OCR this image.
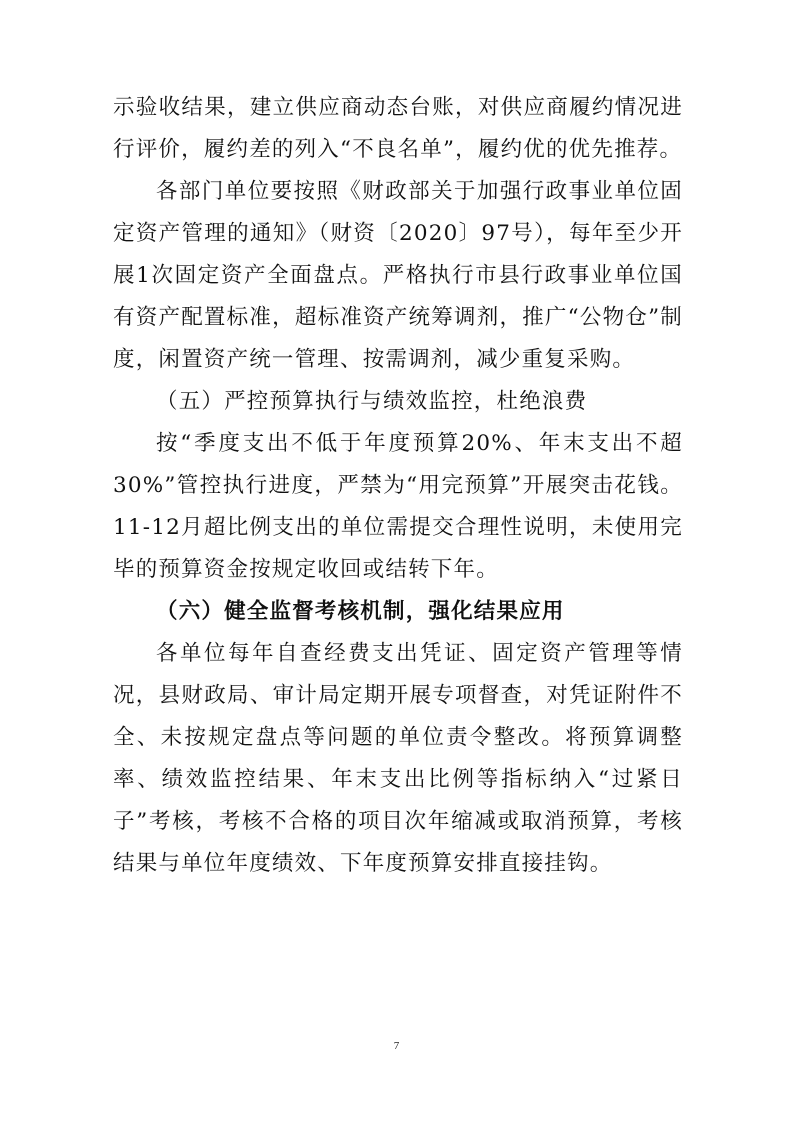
示验收结果，建立供应商动态台账，对供应商履约情况进行评价，履约差的列入“不良名单”，履约优的优先推荐。

各部门单位要按照《财政部关于加强行政事业单位固定资产管理的通知》（财资〔2020〕97号），每年至少开展1次固定资产全面盘点。严格执行市县行政事业单位国有资产配置标准，超标准资产统筹调剂，推广“公物仓”制度，闲置资产统一管理、按需调剂，减少重复采购。

（五）严控预算执行与绩效监控，杜绝浪费

按“季度支出不低于年度预算20%、年末支出不超30%”管控执行进度，严禁为“用完预算”开展突击花钱。11-12月超比例支出的单位需提交合理性说明，未使用完毕的预算资金按规定收回或结转下年。

（六）健全监督考核机制，强化结果应用

各单位每年自查经费支出凭证、固定资产管理等情况，县财政局、审计局定期开展专项督查，对凭证附件不全、未按规定盘点等问题的单位责令整改。将预算调整率、绩效监控结果、年末支出比例等指标纳入“过紧日子”考核，考核不合格的项目次年缩减或取消预算，考核结果与单位年度绩效、下年度预算安排直接挂钩。

7
